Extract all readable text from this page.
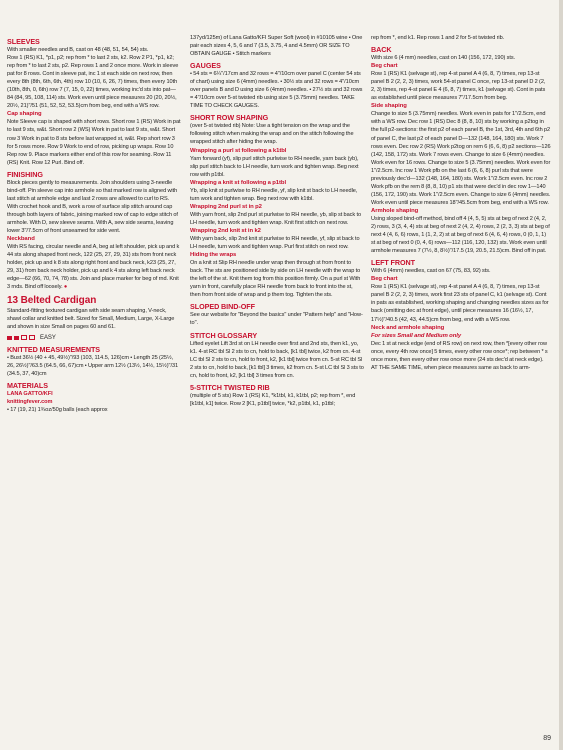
SLEEVES

With smaller needles and B, cast on 48 (48, 51, 54, 54) sts.

Row 1 (RS) K1, *p1, p2; rep from * to last 2 sts, k2. Row 2 P1, *p1, k2; rep from * to last 2 sts, p2. Rep rows 1 and 2 once more. Work in sleeve pat for 8 rows. Cont in sleeve pat, inc 1 st each side on next row, then every 8th (8th, 6th, 6th, 4th) row 10 (10, 6, 26, 7) times, then every 10th (10th, 8th, 0, 6th) row 7 (7, 15, 0, 22) times, working inc'd sts into pat—84 (84, 95, 108, 114) sts. Work even until piece measures 20 (20, 20½, 20½, 21)"/51 (51, 52, 52, 53.5)cm from beg, end with a WS row.

Cap shaping

Note Sleeve cap is shaped with short rows. Short row 1 (RS) Work in pat to last 9 sts, w&t. Short row 2 (WS) Work in pat to last 9 sts, w&t. Short row 3 Work in pat to 8 sts before last wrapped st, w&t. Rep short row 3 for 5 rows more. Row 9 Work to end of row, picking up wraps. Row 10 Rep row 9. Place markers either end of this row for seaming. Row 11 (RS) Knit. Row 12 Purl. Bind off.

FINISHING

Block pieces gently to measurements. Join shoulders using 3-needle bind-off. Pin sleeve cap into armhole so that marked row is aligned with last stitch at armhole edge and last 2 rows are allowed to curl to RS. With crochet hook and B, work a row of surface slip stitch around cap through both layers of fabric, joining marked row of cap to edge stitch of armhole. With D, sew sleeve seams. With A, sew side seams, leaving lower 3"/7.5cm of front unseamed for side vent.

Neckband

With RS facing, circular needle and A, beg at left shoulder, pick up and k 44 sts along shaped front neck, 122 (25, 27, 29, 31) sts from front neck holder, pick up and k 8 sts along right front and back neck, k23 (25, 27, 29, 31) from back neck holder, pick up and k 4 sts along left back neck edge—62 (66, 70, 74, 78) sts. Join and place marker for beg of rnd. Knit 3 rnds. Bind off loosely. ●

13 Belted Cardigan

Standard-fitting textured cardigan with side seam shaping, V-neck, shawl collar and knitted belt. Sized for Small, Medium, Large, X-Large and shown in size Small on pages 60 and 61.

EASY

KNITTED MEASUREMENTS

• Bust 36½ (40 + 45, 49½)"/93 (103, 114.5, 126)cm • Length 25 (25½, 26, 26½)"/63.5 (64.5, 66, 67)cm • Upper arm 12½ (13½, 14½, 15½)"/31 (34.5, 37, 40)cm

MATERIALS

LANA GATTO/KFI

knittingfever.com

• 17 (19, 21) 1¾oz/50g balls (each approx

137yd/125m) of Lana Gatto/KFI Super Soft (wool) in #10105 wine • One pair each sizes 4, 5, 6 and 7 (3.5, 3.75, 4 and 4.5mm) OR SIZE TO OBTAIN GAUGE • Stitch markers

GAUGES

• 54 sts = 6¼"/17cm and 32 rows = 4"/10cm over panel C (center 54 sts of chart) using size 6 (4mm) needles. • 30½ sts and 32 rows = 4"/10cm over panels B and D using size 6 (4mm) needles. • 27½ sts and 32 rows = 4"/10cm over 5-st twisted rib using size 5 (3.75mm) needles. TAKE TIME TO CHECK GAUGES.

SHORT ROW SHAPING

(over 5-st twisted rib) Note: Use a tight tension on the wrap and the following stitch when making the wrap and on the stitch following the wrapped stitch after hiding the wrap.

Wrapping a purl st following a k1tbl

Yarn forward (yf), slip purl stitch purlwise to RH needle, yarn back (yb), slip purl stitch back to LH needle, turn work and tighten wrap. Beg next row with p1tbl.

Wrapping a knit st following a p1tbl

Yb, slip knit st purlwise to RH needle, yf, slip knit st back to LH needle, turn work and tighten wrap. Beg next row with k1tbl.

Wrapping 2nd purl st in p2

With yarn front, slip 2nd purl st purlwise to RH needle, yb, slip st back to LH needle, turn work and tighten wrap. Knit first stitch on next row.

Wrapping 2nd knit st in k2

With yarn back, slip 2nd knit st purlwise to RH needle, yf, slip st back to LH needle, turn work and tighten wrap. Purl first stitch on next row.

Hiding the wraps

On a knit st Slip RH needle under wrap then through st from front to back. The sts are positioned side by side on LH needle with the wrap to the left of the st. Knit them tog from this position firmly. On a purl st With yarn in front, carefully place RH needle from back to front into the st, then from front side of wrap and p them tog. Tighten the sts.

SLOPED BIND-OFF

See our website for "Beyond the basics" under "Pattern help" and "How-to".

STITCH GLOSSARY

Lifted eyelet Lift 3rd st on LH needle over first and 2nd sts, then k1, yo, k1. 4-st RC tbl Sl 2 sts to cn, hold to back, [k1 tbl] twice, k2 from cn. 4-st LC tbl Sl 2 sts to cn, hold to front, k2, [k1 tbl] twice from cn. 5-st RC tbl Sl 2 sts to cn, hold to back, [k1 tbl] 3 times, k2 from cn. 5-st LC tbl Sl 3 sts to cn, hold to front, k2, [k1 tbl] 3 times from cn.

5-STITCH TWISTED RIB

(multiple of 5 sts) Row 1 (RS) K1, *k1tbl, k1, k1tbl, p2; rep from *, end [k1tbl, k1] twice. Row 2 [K1, p1tbl] twice, *k2, p1tbl, k1, p1tbl;

rep from *, end k1. Rep rows 1 and 2 for 5-st twisted rib.

BACK

With size 6 (4 mm) needles, cast on 140 (156, 172, 190) sts.

Beg chart

Row 1 (RS) K1 (selvage st), rep 4-st panel A 4 (6, 8, 7) times, rep 13-st panel B 2 (2, 2, 3) times, work 54-st panel C once, rep 13-st panel D 2 (2, 2, 3) times, rep 4-st panel E 4 (6, 8, 7) times, k1 (selvage st). Cont in pats as established until piece measures 7"/17.5cm from beg.

Side shaping

Change to size 5 (3.75mm) needles. Work even in pats for 1"/2.5cm, end with a WS row. Dec row 1 (RS) Dec 8 (8, 8, 10) sts by working a p2tog in the full p2-sections: the first p2 of each panel B, the 1st, 3rd, 4th and 6th p2 of panel C, the last p2 of each panel D—132 (148, 164, 180) sts. Work 7 rows even. Dec row 2 (RS) Work p2tog on rem 6 (6, 6, 8) p2 sections—126 (142, 158, 172) sts. Work 7 rows even. Change to size 6 (4mm) needles. Work even for 16 rows. Change to size 5 (3.75mm) needles. Work even for 1"/2.5cm. Inc row 1 Work pfb on the last 6 (6, 6, 8) purl sts that were previously dec'd—132 (148, 164, 180) sts. Work 1"/2.5cm even. Inc row 2 Work pfb on the rem 8 (8, 8, 10) p1 sts that were dec'd in dec row 1—140 (156, 172, 190) sts. Work 1"/2.5cm even. Change to size 6 (4mm) needles. Work even until piece measures 18"/45.5cm from beg, end with a WS row.

Armhole shaping

Using sloped bind-off method, bind off 4 (4, 5, 5) sts at beg of next 2 (4, 2, 2) rows, 3 (3, 4, 4) sts at beg of next 2 (4, 2, 4) rows, 2 (2, 3, 3) sts at beg of next 4 (4, 6, 6) rows, 1 (1, 2, 2) st at beg of next 6 (4, 6, 4) rows, 0 (0, 1, 1) st at beg of next 0 (0, 4, 6) rows—112 (116, 120, 132) sts. Work even until armhole measures 7 (7½, 8, 8½)"/17.5 (19, 20.5, 21.5)cm. Bind off in pat.

LEFT FRONT

With 6 (4mm) needles, cast on 67 (75, 83, 92) sts.

Beg chart

Row 1 (RS) K1 (selvage st), rep 4-st panel A 4 (6, 8, 7) times, rep 13-st panel B 2 (2, 2, 3) times, work first 23 sts of panel C, k1 (selvage st). Cont in pats as established, working shaping and changing needles sizes as for back (omitting dec at front edge), until piece measures 16 (16½, 17, 17½)"/40.5 (42, 43, 44.5)cm from beg, end with a WS row.

Neck and armhole shaping

For sizes Small and Medium only

Dec 1 st at neck edge (end of RS row) on next row, then *[every other row once, every 4th row once] 5 times, every other row once*; rep between * s once more, then every other row once more (24 sts dec'd at neck edge). AT THE SAME TIME, when piece measures same as back to arm-

89
